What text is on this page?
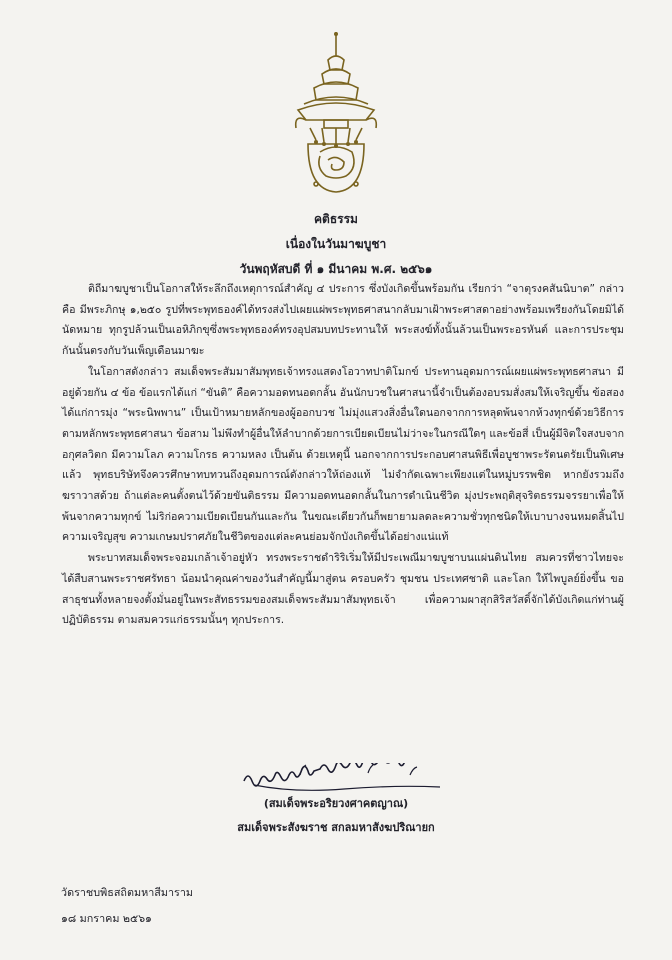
คติธรรม
เนื่องในวันมาฆบูชา
วันพฤหัสบดี ที่ ๑ มีนาคม พ.ศ. ๒๕๖๑

ติถีมาฆบูชาเป็นโอกาสให้ระลึกถึงเหตุการณ์สำคัญ ๔ ประการ ซึ่งบังเกิดขึ้นพร้อมกัน เรียกว่า “จาตุรงคสันนิบาต” กล่าวคือ มีพระภิกษุ ๑,๒๕๐ รูปที่พระพุทธองค์ได้ทรงส่งไปเผยแผ่พระพุทธศาสนากลับมาเฝ้าพระศาสดาอย่างพร้อมเพรียงกันโดยมิได้นัดหมาย ทุกรูปล้วนเป็นเอหิภิกขุซึ่งพระพุทธองค์ทรงอุปสมบทประทานให้ พระสงฆ์ทั้งนั้นล้วนเป็นพระอรหันต์ และการประชุมกันนั้นตรงกับวันเพ็ญเดือนมาฆะ

ในโอกาสดังกล่าว สมเด็จพระสัมมาสัมพุทธเจ้าทรงแสดงโอวาทปาติโมกข์ ประทานอุดมการณ์เผยแผ่พระพุทธศาสนา มีอยู่ด้วยกัน ๔ ข้อ ข้อแรกได้แก่ “ขันติ” คือความอดทนอดกลั้น อันนักบวชในศาสนานี้จำเป็นต้องอบรมสั่งสมให้เจริญขึ้น ข้อสอง ได้แก่การมุ่ง “พระนิพพาน” เป็นเป้าหมายหลักของผู้ออกบวช ไม่มุ่งแสวงสิ่งอื่นใดนอกจากการหลุดพ้นจากห้วงทุกข์ด้วยวิธีการตามหลักพระพุทธศาสนา ข้อสาม ไม่พึงทำผู้อื่นให้ลำบากด้วยการเบียดเบียนไม่ว่าจะในกรณีใดๆ และข้อสี่ เป็นผู้มีจิตใจสงบจากอกุศลวิตก มีความโลภ ความโกรธ ความหลง เป็นต้น ด้วยเหตุนี้ นอกจากการประกอบศาสนพิธีเพื่อบูชาพระรัตนตรัยเป็นพิเศษแล้ว พุทธบริษัทจึงควรศึกษาทบทวนถึงอุดมการณ์ดังกล่าวให้ถ่องแท้ ไม่จำกัดเฉพาะเพียงแต่ในหมู่บรรพชิต หากยังรวมถึงฆราวาสด้วย ถ้าแต่ละคนตั้งตนไว้ด้วยขันติธรรม มีความอดทนอดกลั้นในการดำเนินชีวิต มุ่งประพฤติสุจริตธรรมจรรยาเพื่อให้พ้นจากความทุกข์ ไม่ริก่อความเบียดเบียนกันและกัน ในขณะเดียวกันก็พยายามลดละความชั่วทุกชนิดให้เบาบางจนหมดสิ้นไป ความเจริญสุข ความเกษมปราศภัยในชีวิตของแต่ละคนย่อมจักบังเกิดขึ้นได้อย่างแน่แท้

พระบาทสมเด็จพระจอมเกล้าเจ้าอยู่หัว ทรงพระราชดำริริเริ่มให้มีประเพณีมาฆบูชาบนแผ่นดินไทย สมควรที่ชาวไทยจะได้สืบสานพระราชศรัทธา น้อมนำคุณค่าของวันสำคัญนี้มาสู่ตน ครอบครัว ชุมชน ประเทศชาติ และโลก ให้ไพบูลย์ยิ่งขึ้น ขอสาธุชนทั้งหลายจงตั้งมั่นอยู่ในพระสัทธรรมของสมเด็จพระสัมมาสัมพุทธเจ้า เพื่อความผาสุกสิริสวัสดิ์จักได้บังเกิดแก่ท่านผู้ปฏิบัติธรรม ตามสมควรแก่ธรรมนั้นๆ ทุกประการ.

(สมเด็จพระอริยวงศาคตญาณ)
สมเด็จพระสังฆราช สกลมหาสังฆปริณายก
วัดราชบพิธสถิตมหาสีมาราม
๑๘ มกราคม ๒๕๖๑
